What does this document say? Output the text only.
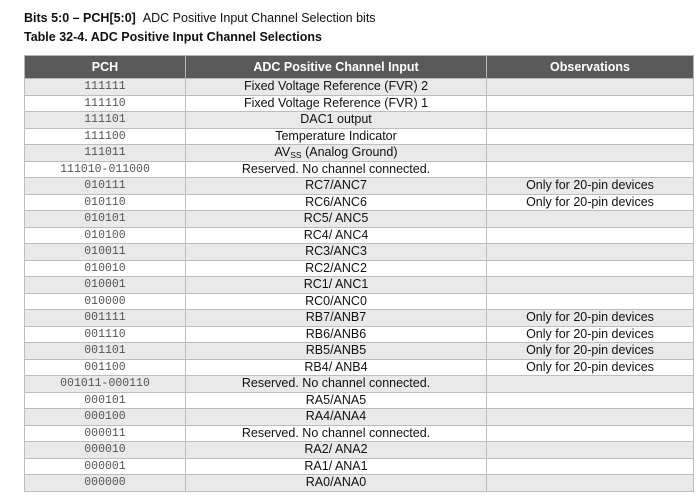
Bits 5:0 – PCH[5:0] ADC Positive Input Channel Selection bits
Table 32-4. ADC Positive Input Channel Selections
PCH	ADC Positive Channel Input	Observations
111111	Fixed Voltage Reference (FVR) 2	
111110	Fixed Voltage Reference (FVR) 1	
111101	DAC1 output	
111100	Temperature Indicator	
111011	$AV_{SS}$ (Analog Ground)	
111010-011000	Reserved. No channel connected.	
010111	RC7/ANC7	Only for 20-pin devices
010110	RC6/ANC6	Only for 20-pin devices
010101	RC5/ ANC5	
010100	RC4/ ANC4	
010011	RC3/ANC3	
010010	RC2/ANC2	
010001	RC1/ ANC1	
010000	RC0/ANC0	
001111	RB7/ANB7	Only for 20-pin devices
001110	RB6/ANB6	Only for 20-pin devices
001101	RB5/ANB5	Only for 20-pin devices
001100	RB4/ ANB4	Only for 20-pin devices
001011-000110	Reserved. No channel connected.	
000101	RA5/ANA5	
000100	RA4/ANA4	
000011	Reserved. No channel connected.	
000010	RA2/ ANA2	
000001	RA1/ ANA1	
000000	RA0/ANA0	
